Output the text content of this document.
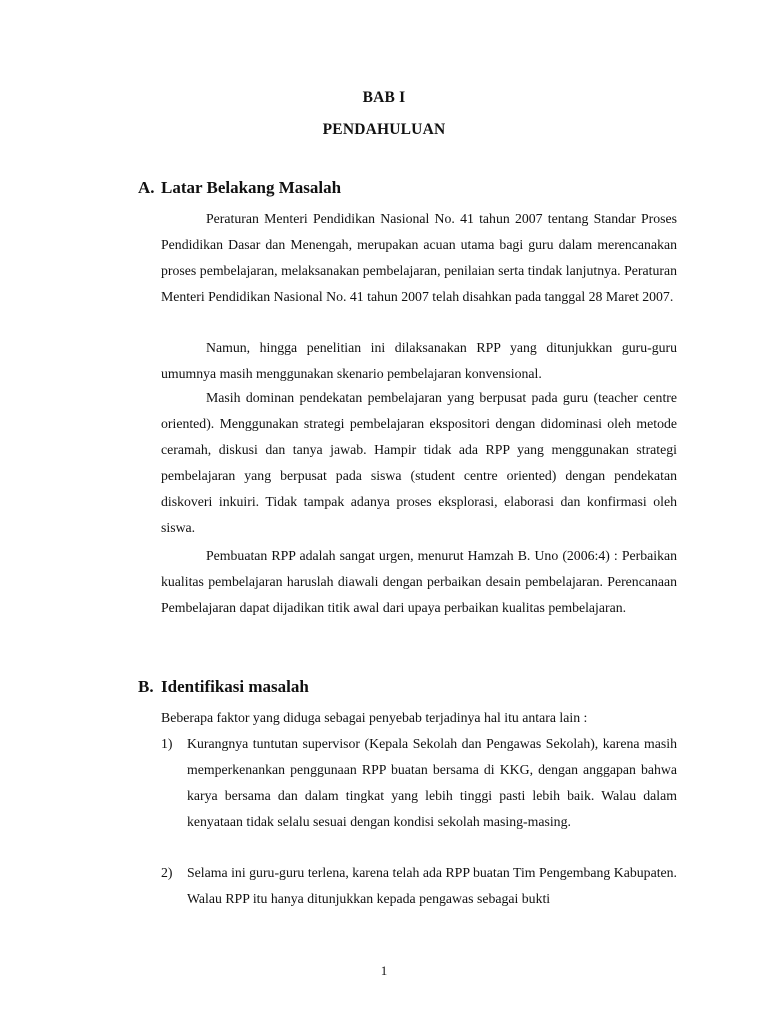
BAB I
PENDAHULUAN
A. Latar Belakang Masalah

Peraturan Menteri Pendidikan Nasional No. 41 tahun 2007 tentang Standar Proses Pendidikan Dasar dan Menengah, merupakan acuan utama bagi guru dalam merencanakan proses pembelajaran, melaksanakan pembelajaran, penilaian serta tindak lanjutnya. Peraturan Menteri Pendidikan Nasional No. 41 tahun 2007 telah disahkan pada tanggal 28 Maret 2007.

Namun, hingga penelitian ini dilaksanakan RPP yang ditunjukkan guru-guru umumnya masih menggunakan skenario pembelajaran konvensional.

Masih dominan pendekatan pembelajaran yang berpusat pada guru (teacher centre oriented). Menggunakan strategi pembelajaran ekspositori dengan didominasi oleh metode ceramah, diskusi dan tanya jawab. Hampir tidak ada RPP yang menggunakan strategi pembelajaran yang berpusat pada siswa (student centre oriented) dengan pendekatan diskoveri inkuiri. Tidak tampak adanya proses eksplorasi, elaborasi dan konfirmasi oleh siswa.

Pembuatan RPP adalah sangat urgen, menurut Hamzah B. Uno (2006:4) : Perbaikan kualitas pembelajaran haruslah diawali dengan perbaikan desain pembelajaran. Perencanaan Pembelajaran dapat dijadikan titik awal dari upaya perbaikan kualitas pembelajaran.

B. Identifikasi masalah

Beberapa faktor yang diduga sebagai penyebab terjadinya hal itu antara lain :

1)	Kurangnya tuntutan supervisor (Kepala Sekolah dan Pengawas Sekolah), karena masih memperkenankan penggunaan RPP buatan bersama di KKG, dengan anggapan bahwa karya bersama dan dalam tingkat yang lebih tinggi pasti lebih baik. Walau dalam kenyataan tidak selalu sesuai dengan kondisi sekolah masing-masing.
2)	Selama ini guru-guru terlena, karena telah ada RPP buatan Tim Pengembang Kabupaten. Walau RPP itu hanya ditunjukkan kepada pengawas sebagai bukti
1
